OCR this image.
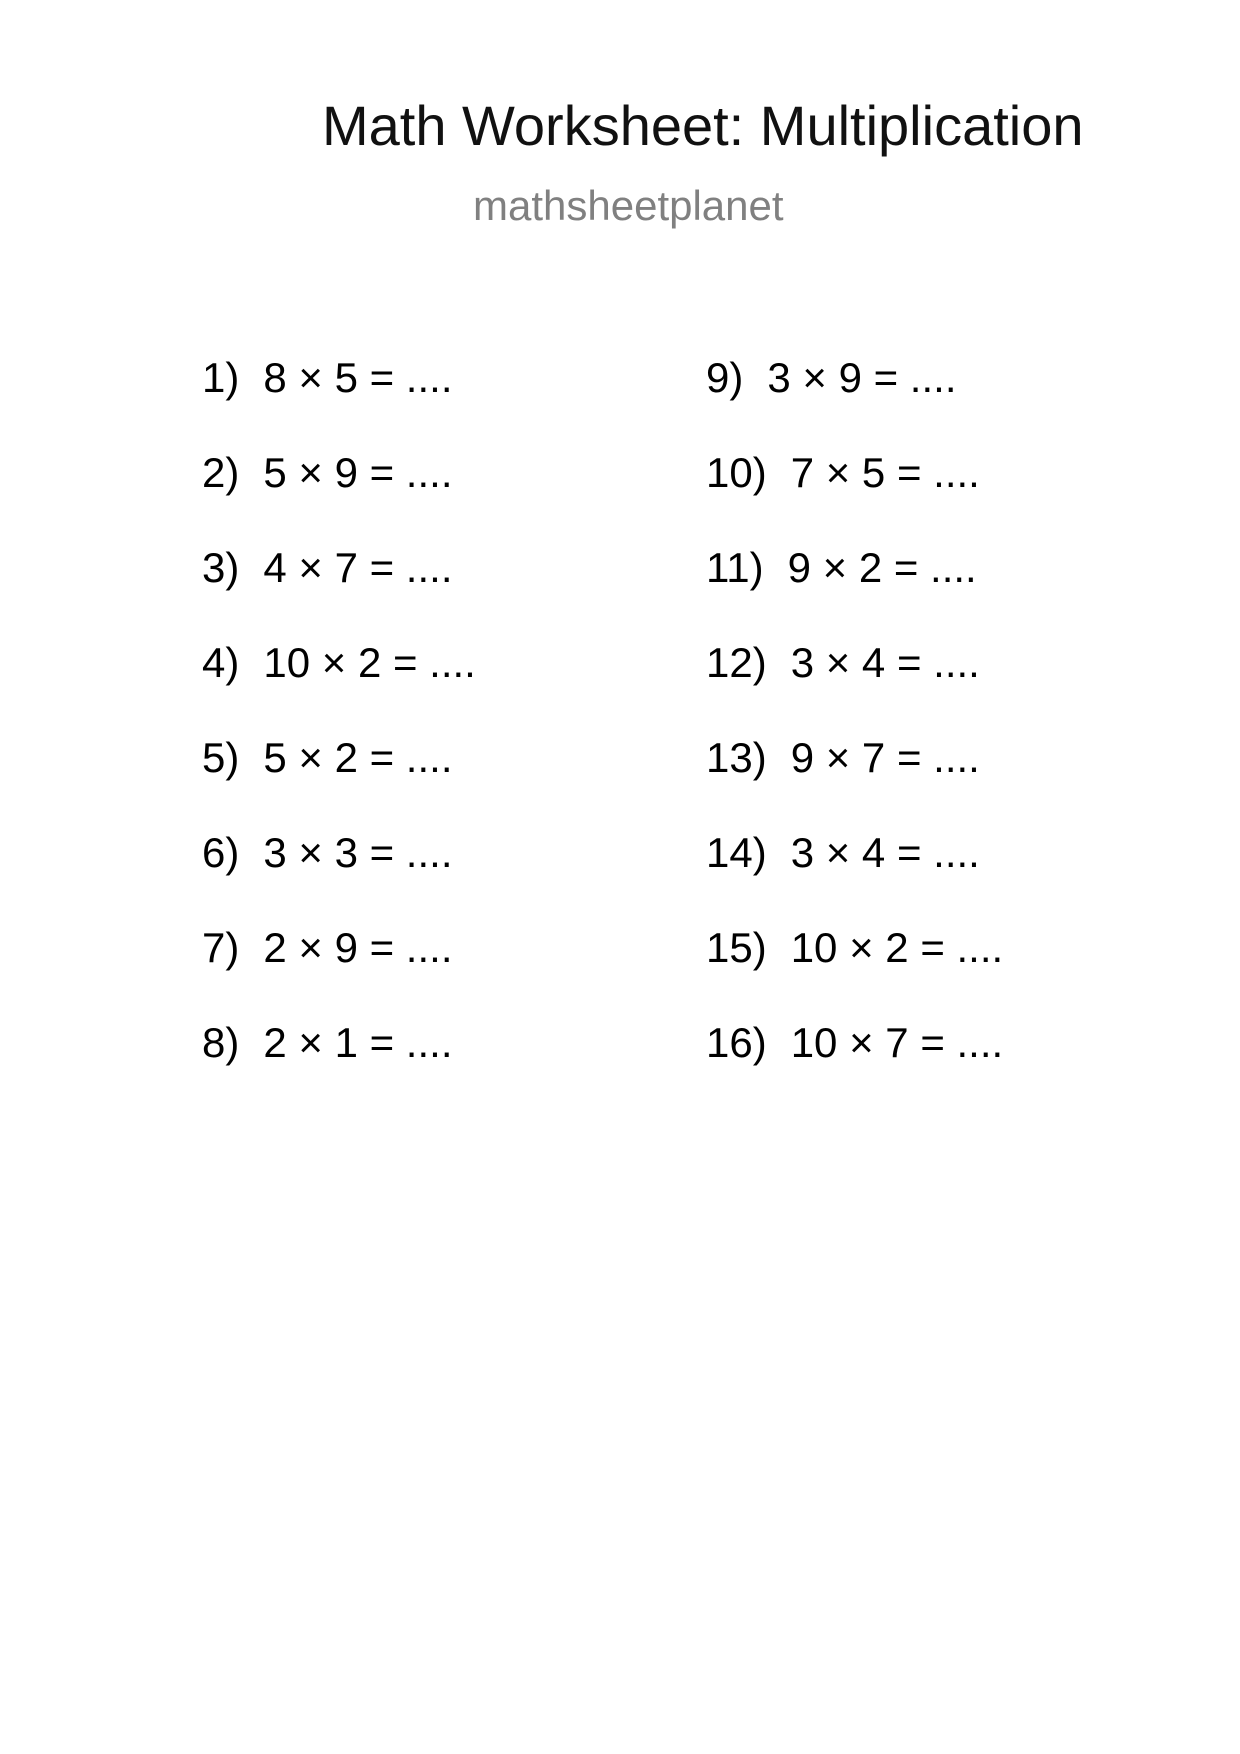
Math Worksheet: Multiplication
mathsheetplanet
1) 8 × 5 = ....
2) 5 × 9 = ....
3) 4 × 7 = ....
4) 10 × 2 = ....
5) 5 × 2 = ....
6) 3 × 3 = ....
7) 2 × 9 = ....
8) 2 × 1 = ....
9) 3 × 9 = ....
10) 7 × 5 = ....
11) 9 × 2 = ....
12) 3 × 4 = ....
13) 9 × 7 = ....
14) 3 × 4 = ....
15) 10 × 2 = ....
16) 10 × 7 = ....
